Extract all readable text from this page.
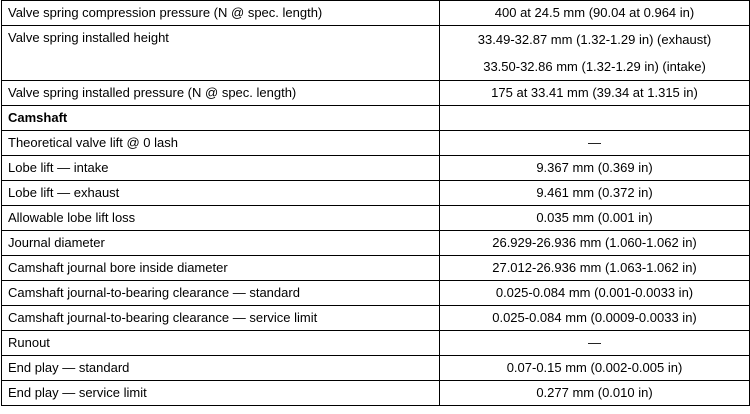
Valve spring compression pressure (N @ spec. length)	400 at 24.5 mm (90.04 at 0.964 in)
Valve spring installed height	33.49-32.87 mm (1.32-1.29 in) (exhaust)
33.50-32.86 mm (1.32-1.29 in) (intake)

Valve spring installed pressure (N @ spec. length)	175 at 33.41 mm (39.34 at 1.315 in)
Camshaft	
Theoretical valve lift @ 0 lash	—
Lobe lift — intake	9.367 mm (0.369 in)
Lobe lift — exhaust	9.461 mm (0.372 in)
Allowable lobe lift loss	0.035 mm (0.001 in)
Journal diameter	26.929-26.936 mm (1.060-1.062 in)
Camshaft journal bore inside diameter	27.012-26.936 mm (1.063-1.062 in)
Camshaft journal-to-bearing clearance — standard	0.025-0.084 mm (0.001-0.0033 in)
Camshaft journal-to-bearing clearance — service limit	0.025-0.084 mm (0.0009-0.0033 in)
Runout	—
End play — standard	0.07-0.15 mm (0.002-0.005 in)
End play — service limit	0.277 mm (0.010 in)
